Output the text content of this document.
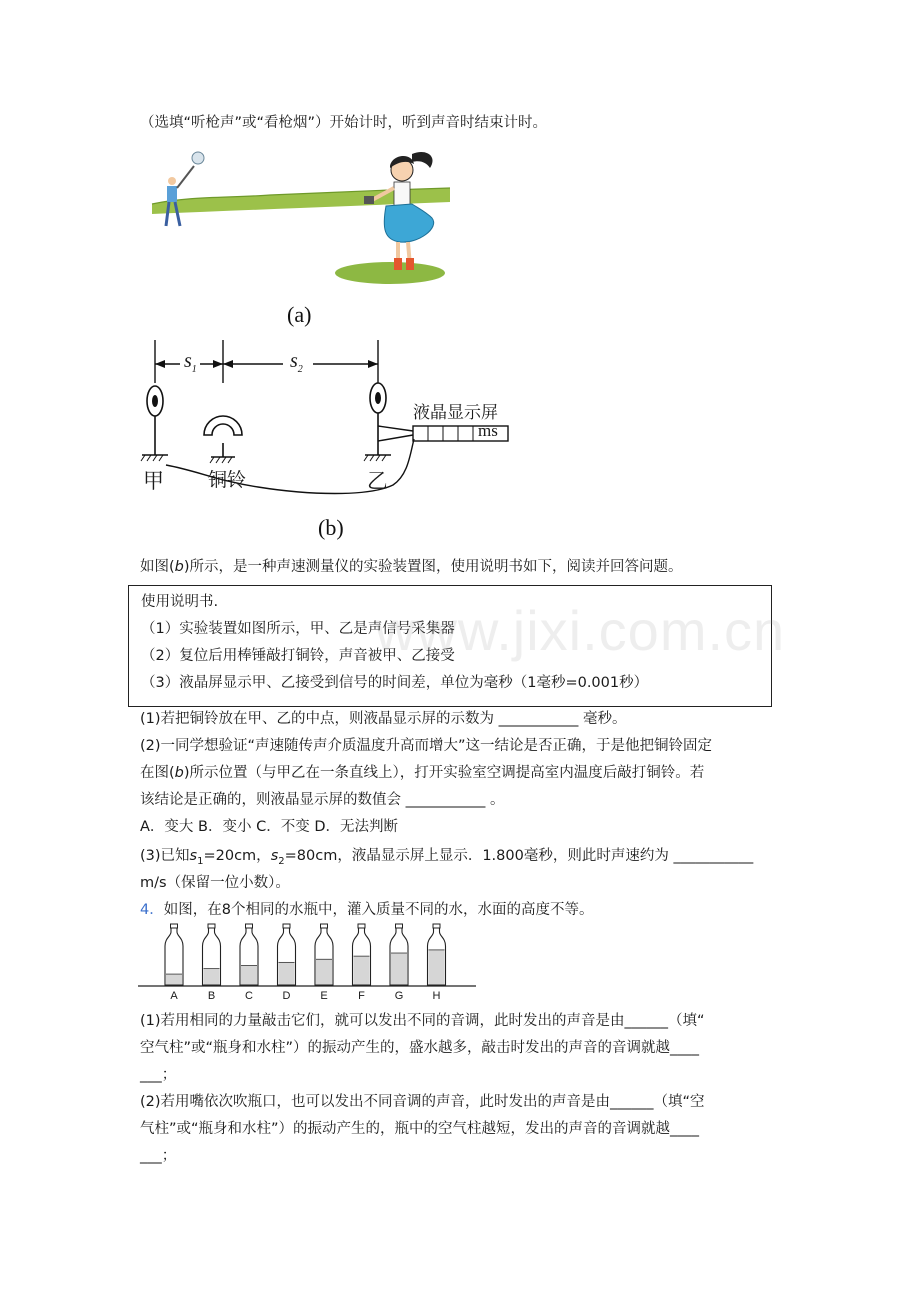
（选填“听枪声”或“看枪烟”）开始计时，听到声音时结束计时。
(a)
$s_1$	$s_2$
液晶显示屏
ms
甲 铜铃	乙
(b)
如图(b)所示，是一种声速测量仪的实验装置图，使用说明书如下，阅读并回答问题。
使用说明书.
（1）实验装置如图所示，甲、乙是声信号采集器
（2）复位后用棒锤敲打铜铃，声音被甲、乙接受
（3）液晶屏显示甲、乙接受到信号的时间差，单位为毫秒（1毫秒=0.001秒）
www.jixi.com.cn
(1)若把铜铃放在甲、乙的中点，则液晶显示屏的示数为 ___________ 毫秒。
(2)一同学想验证“声速随传声介质温度升高而增大”这一结论是否正确，于是他把铜铃固定
在图(b)所示位置（与甲乙在一条直线上），打开实验室空调提高室内温度后敲打铜铃。若
该结论是正确的，则液晶显示屏的数值会 ___________ 。
A．变大 B．变小 C．不变 D．无法判断
(3)已知$s_1=20cm$，$s_2=80cm$，液晶显示屏上显示．1.800毫秒，则此时声速约为 ___________
m/s（保留一位小数）。
4．如图，在8个相同的水瓶中，灌入质量不同的水，水面的高度不等。
A	B	C	D	E	F	G	H
(1)若用相同的力量敲击它们，就可以发出不同的音调，此时发出的声音是由______（填“
空气柱”或“瓶身和水柱”）的振动产生的，盛水越多，敲击时发出的声音的音调就越____
___；
(2)若用嘴依次吹瓶口，也可以发出不同音调的声音，此时发出的声音是由______（填“空
气柱”或“瓶身和水柱”）的振动产生的，瓶中的空气柱越短，发出的声音的音调就越____
___；
